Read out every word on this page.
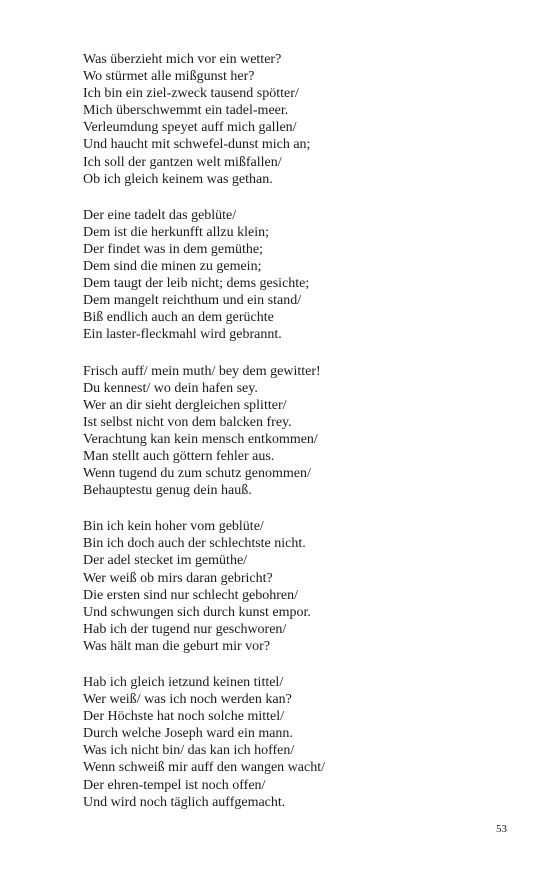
Was überzieht mich vor ein wetter?
Wo stürmet alle mißgunst her?
Ich bin ein ziel-zweck tausend spötter/
Mich überschwemmt ein tadel-meer.
Verleumdung speyet auff mich gallen/
Und haucht mit schwefel-dunst mich an;
Ich soll der gantzen welt mißfallen/
Ob ich gleich keinem was gethan.
Der eine tadelt das geblüte/
Dem ist die herkunfft allzu klein;
Der findet was in dem gemüthe;
Dem sind die minen zu gemein;
Dem taugt der leib nicht; dems gesichte;
Dem mangelt reichthum und ein stand/
Biß endlich auch an dem gerüchte
Ein laster-fleckmahl wird gebrannt.
Frisch auff/ mein muth/ bey dem gewitter!
Du kennest/ wo dein hafen sey.
Wer an dir sieht dergleichen splitter/
Ist selbst nicht von dem balcken frey.
Verachtung kan kein mensch entkommen/
Man stellt auch göttern fehler aus.
Wenn tugend du zum schutz genommen/
Behauptestu genug dein hauß.
Bin ich kein hoher vom geblüte/
Bin ich doch auch der schlechtste nicht.
Der adel stecket im gemüthe/
Wer weiß ob mirs daran gebricht?
Die ersten sind nur schlecht gebohren/
Und schwungen sich durch kunst empor.
Hab ich der tugend nur geschworen/
Was hält man die geburt mir vor?
Hab ich gleich ietzund keinen tittel/
Wer weiß/ was ich noch werden kan?
Der Höchste hat noch solche mittel/
Durch welche Joseph ward ein mann.
Was ich nicht bin/ das kan ich hoffen/
Wenn schweiß mir auff den wangen wacht/
Der ehren-tempel ist noch offen/
Und wird noch täglich auffgemacht.
53
